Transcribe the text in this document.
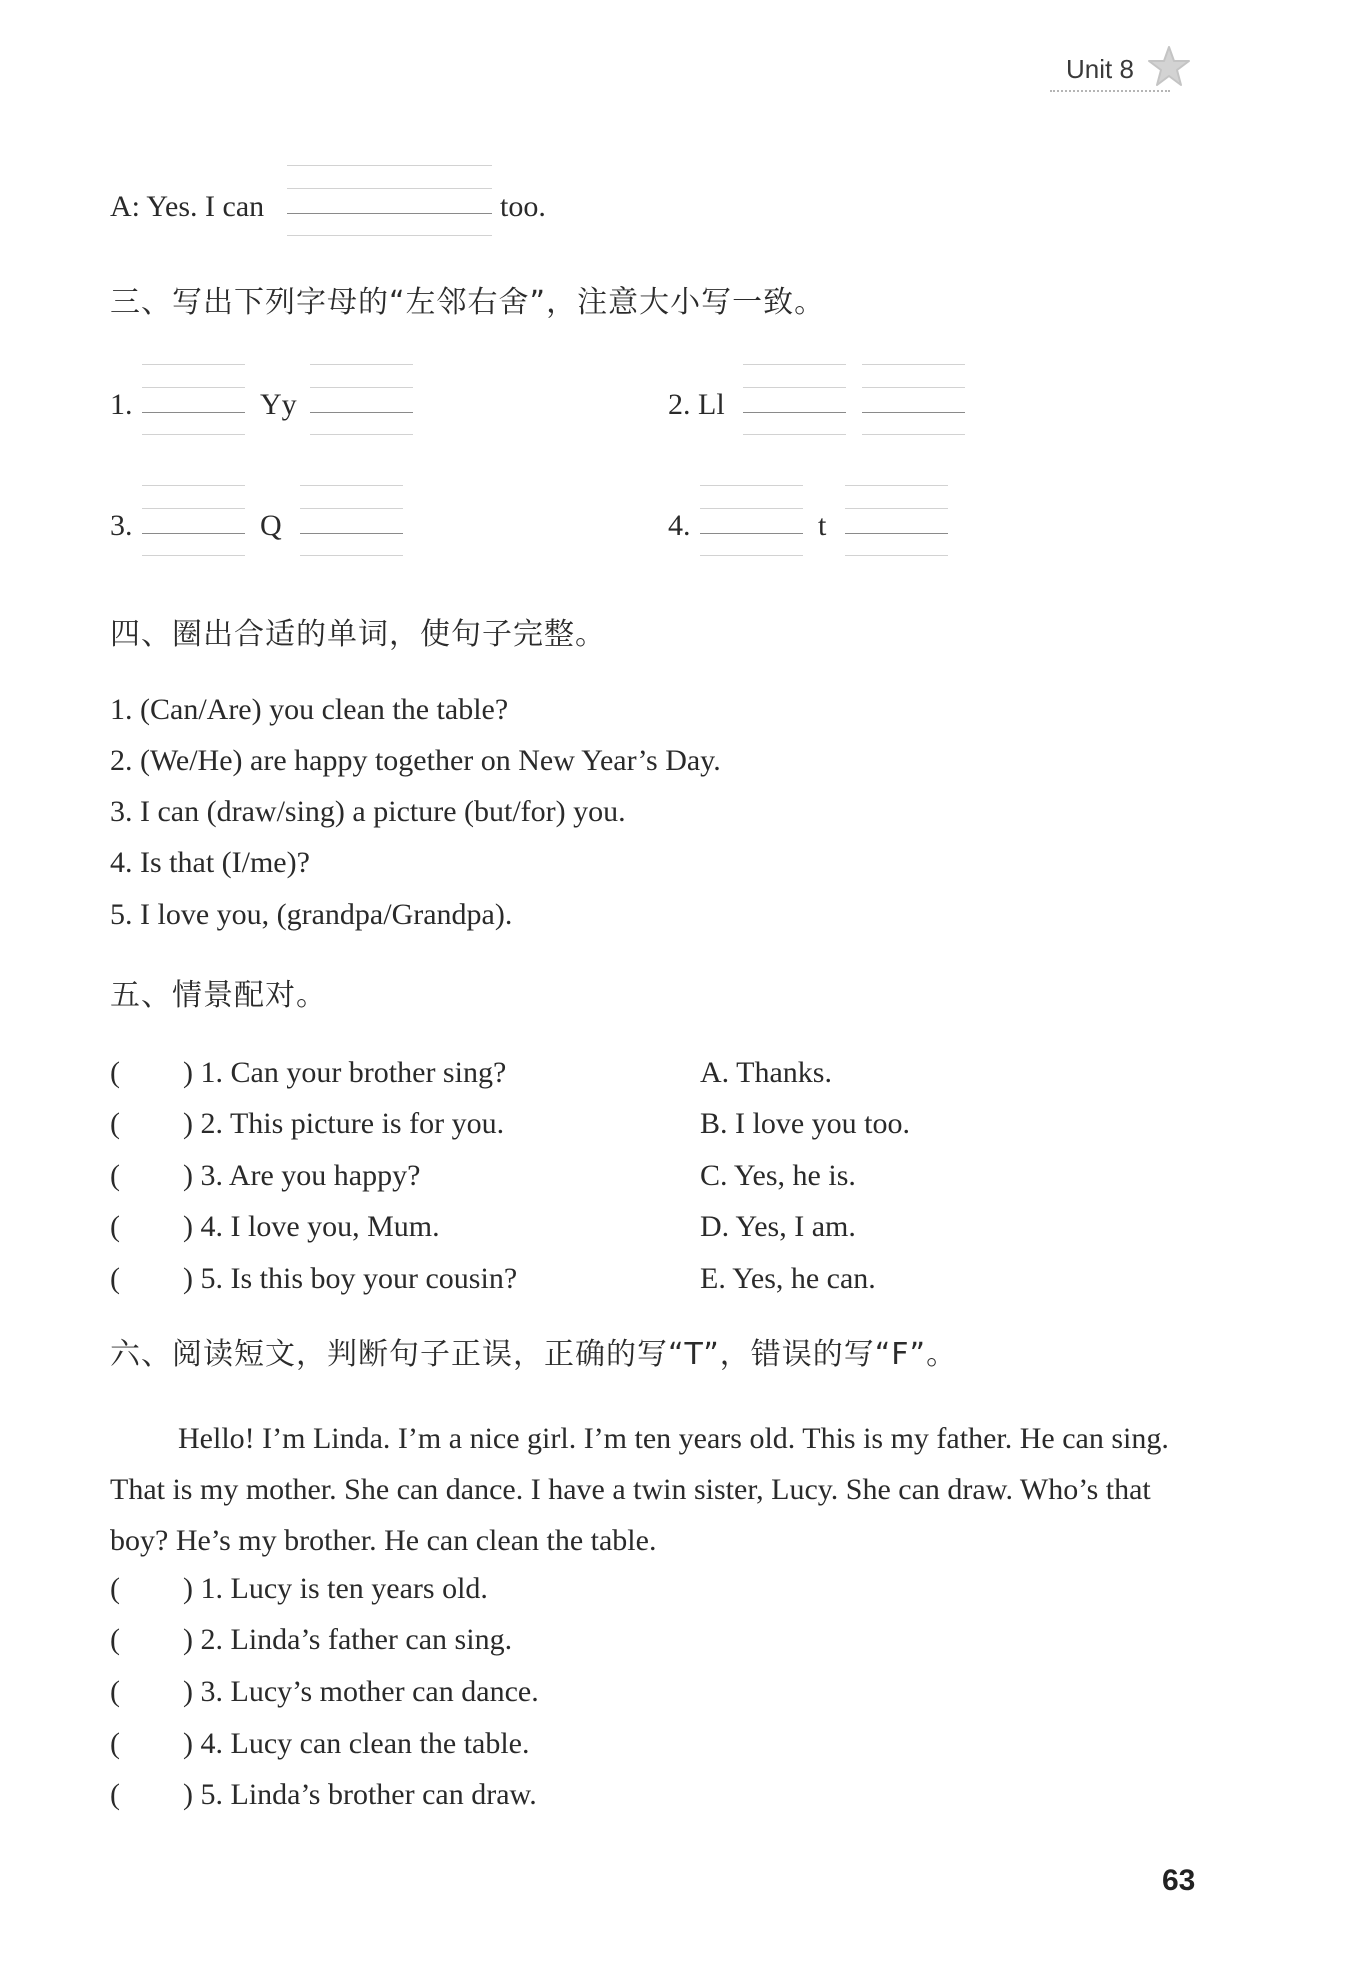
Unit 8
A: Yes. I can	too.
三、写出下列字母的“左邻右舍”，注意大小写一致。
1.	Yy	2. Ll
3.	Q	4.	t
四、圈出合适的单词，使句子完整。
1. (Can/Are) you clean the table?
2. (We/He) are happy together on New Year’s Day.
3. I can (draw/sing) a picture (but/for) you.
4. Is that (I/me)?
5. I love you, (grandpa/Grandpa).
五、情景配对。
( ) 1. Can your brother sing?	A. Thanks.
( ) 2. This picture is for you.	B. I love you too.
( ) 3. Are you happy?	C. Yes, he is.
( ) 4. I love you, Mum.	D. Yes, I am.
( ) 5. Is this boy your cousin?	E. Yes, he can.
六、阅读短文，判断句子正误，正确的写“T”，错误的写“F”。
Hello! I’m Linda. I’m a nice girl. I’m ten years old. This is my father. He can sing. That is my mother. She can dance. I have a twin sister, Lucy. She can draw. Who’s that boy? He’s my brother. He can clean the table.
( ) 1. Lucy is ten years old.
( ) 2. Linda’s father can sing.
( ) 3. Lucy’s mother can dance.
( ) 4. Lucy can clean the table.
( ) 5. Linda’s brother can draw.
63
